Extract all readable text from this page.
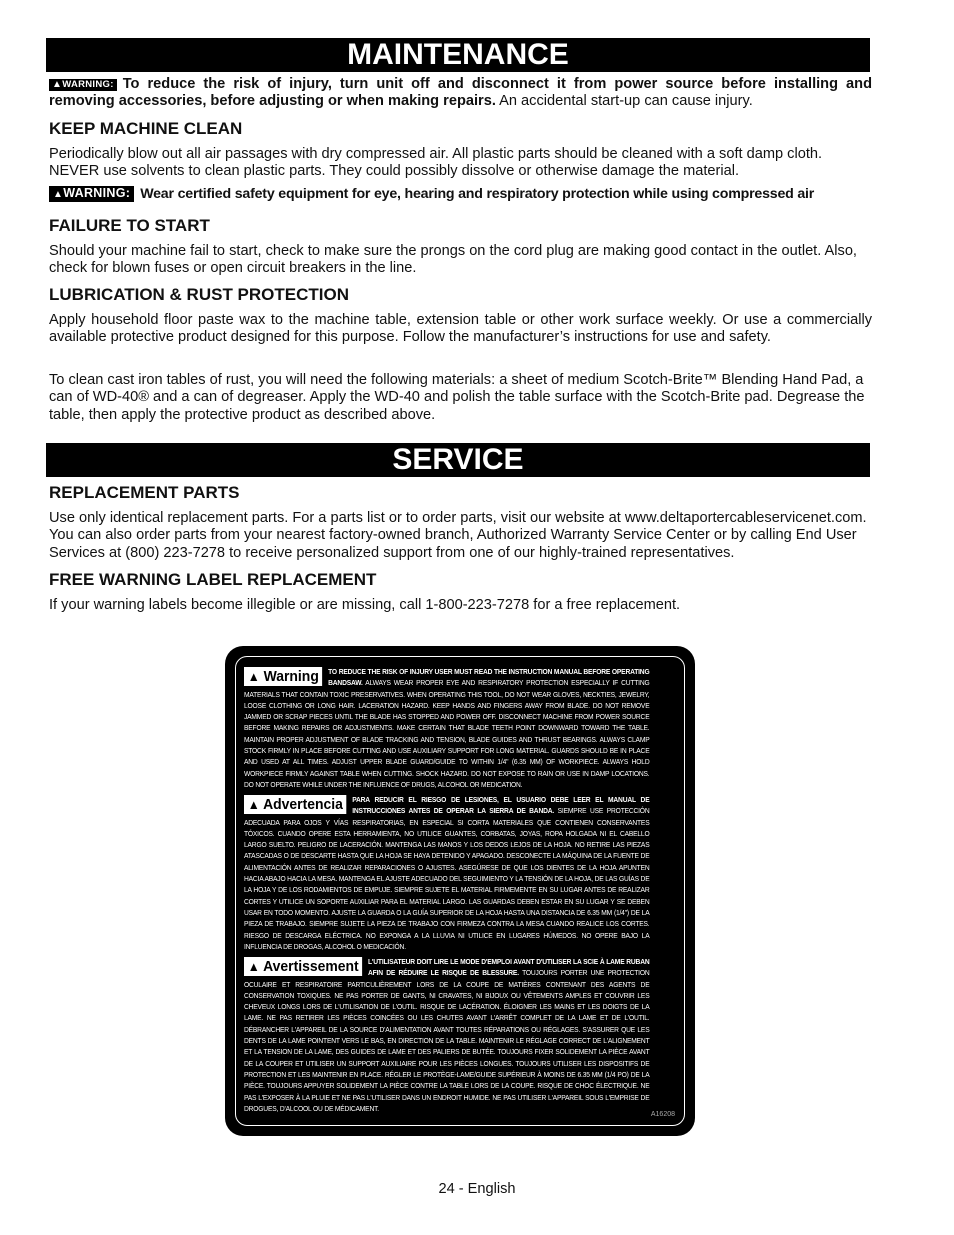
MAINTENANCE
▲WARNING: To reduce the risk of injury, turn unit off and disconnect it from power source before installing and removing accessories, before adjusting or when making repairs. An accidental start-up can cause injury.
KEEP MACHINE CLEAN
Periodically blow out all air passages with dry compressed air. All plastic parts should be cleaned with a soft damp cloth. NEVER use solvents to clean plastic parts. They could possibly dissolve or otherwise damage the material.
▲WARNING: Wear certified safety equipment for eye, hearing and respiratory protection while using compressed air
FAILURE TO START
Should your machine fail to start, check to make sure the prongs on the cord plug are making good contact in the outlet. Also, check for blown fuses or open circuit breakers in the line.
LUBRICATION & RUST PROTECTION
Apply household floor paste wax to the machine table, extension table or other work surface weekly. Or use a commercially available protective product designed for this purpose. Follow the manufacturer’s instructions for use and safety.
To clean cast iron tables of rust, you will need the following materials: a sheet of medium Scotch-Brite™ Blending Hand Pad, a can of WD-40® and a can of degreaser. Apply the WD-40 and polish the table surface with the Scotch-Brite pad. Degrease the table, then apply the protective product as described above.
SERVICE
REPLACEMENT PARTS
Use only identical replacement parts. For a parts list or to order parts, visit our website at www.deltaportercableservicenet.com. You can also order parts from your nearest factory-owned branch, Authorized Warranty Service Center or by calling End User Services at (800) 223-7278 to receive personalized support from one of our highly-trained representatives.
FREE WARNING LABEL REPLACEMENT
If your warning labels become illegible or are missing, call 1-800-223-7278 for a free replacement.
▲ Warning	TO REDUCE THE RISK OF INJURY USER MUST READ THE INSTRUCTION MANUAL BEFORE OPERATING BANDSAW. ALWAYS WEAR PROPER EYE AND RESPIRATORY PROTECTION ESPECIALLY IF CUTTING MATERIALS THAT CONTAIN TOXIC PRESERVATIVES. WHEN OPERATING THIS TOOL, DO NOT WEAR GLOVES, NECKTIES, JEWELRY, LOOSE CLOTHING OR LONG HAIR. LACERATION HAZARD. KEEP HANDS AND FINGERS AWAY FROM BLADE. DO NOT REMOVE JAMMED OR SCRAP PIECES UNTIL THE BLADE HAS STOPPED AND POWER OFF. DISCONNECT MACHINE FROM POWER SOURCE BEFORE MAKING REPAIRS OR ADJUSTMENTS. MAKE CERTAIN THAT BLADE TEETH POINT DOWNWARD TOWARD THE TABLE. MAINTAIN PROPER ADJUSTMENT OF BLADE TRACKING AND TENSION, BLADE GUIDES AND THRUST BEARINGS. ALWAYS CLAMP STOCK FIRMLY IN PLACE BEFORE CUTTING AND USE AUXILIARY SUPPORT FOR LONG MATERIAL. GUARDS SHOULD BE IN PLACE AND USED AT ALL TIMES. ADJUST UPPER BLADE GUARD/GUIDE TO WITHIN 1/4" (6.35 MM) OF WORKPIECE. ALWAYS HOLD WORKPIECE FIRMLY AGAINST TABLE WHEN CUTTING. SHOCK HAZARD. DO NOT EXPOSE TO RAIN OR USE IN DAMP LOCATIONS. DO NOT OPERATE WHILE UNDER THE INFLUENCE OF DRUGS, ALCOHOL OR MEDICATION.
▲ Advertencia	PARA REDUCIR EL RIESGO DE LESIONES, EL USUARIO DEBE LEER EL MANUAL DE INSTRUCCIONES ANTES DE OPERAR LA SIERRA DE BANDA. SIEMPRE USE PROTECCIÓN ADECUADA PARA OJOS Y VÍAS RESPIRATORIAS, EN ESPECIAL SI CORTA MATERIALES QUE CONTIENEN CONSERVANTES TÓXICOS. CUANDO OPERE ESTA HERRAMIENTA, NO UTILICE GUANTES, CORBATAS, JOYAS, ROPA HOLGADA NI EL CABELLO LARGO SUELTO. PELIGRO DE LACERACIÓN. MANTENGA LAS MANOS Y LOS DEDOS LEJOS DE LA HOJA. NO RETIRE LAS PIEZAS ATASCADAS O DE DESCARTE HASTA QUE LA HOJA SE HAYA DETENIDO Y APAGADO. DESCONECTE LA MÁQUINA DE LA FUENTE DE ALIMENTACIÓN ANTES DE REALIZAR REPARACIONES O AJUSTES. ASEGÚRESE DE QUE LOS DIENTES DE LA HOJA APUNTEN HACIA ABAJO HACIA LA MESA. MANTENGA EL AJUSTE ADECUADO DEL SEGUIMIENTO Y LA TENSIÓN DE LA HOJA, DE LAS GUÍAS DE LA HOJA Y DE LOS RODAMIENTOS DE EMPUJE. SIEMPRE SUJETE EL MATERIAL FIRMEMENTE EN SU LUGAR ANTES DE REALIZAR CORTES Y UTILICE UN SOPORTE AUXILIAR PARA EL MATERIAL LARGO. LAS GUARDAS DEBEN ESTAR EN SU LUGAR Y SE DEBEN USAR EN TODO MOMENTO. AJUSTE LA GUARDA O LA GUÍA SUPERIOR DE LA HOJA HASTA UNA DISTANCIA DE 6.35 MM (1/4") DE LA PIEZA DE TRABAJO. SIEMPRE SUJETE LA PIEZA DE TRABAJO CON FIRMEZA CONTRA LA MESA CUANDO REALICE LOS CORTES. RIESGO DE DESCARGA ELÉCTRICA. NO EXPONGA A LA LLUVIA NI UTILICE EN LUGARES HÚMEDOS. NO OPERE BAJO LA INFLUENCIA DE DROGAS, ALCOHOL O MEDICACIÓN.
▲ Avertissement	L'UTILISATEUR DOIT LIRE LE MODE D'EMPLOI AVANT D'UTILISER LA SCIE À LAME RUBAN AFIN DE RÉDUIRE LE RISQUE DE BLESSURE. TOUJOURS PORTER UNE PROTECTION OCULAIRE ET RESPIRATOIRE PARTICULIÈREMENT LORS DE LA COUPE DE MATIÈRES CONTENANT DES AGENTS DE CONSERVATION TOXIQUES. NE PAS PORTER DE GANTS, NI CRAVATES, NI BIJOUX OU VÊTEMENTS AMPLES ET COUVRIR LES CHEVEUX LONGS LORS DE L'UTILISATION DE L'OUTIL. RISQUE DE LACÉRATION. ÉLOIGNER LES MAINS ET LES DOIGTS DE LA LAME. NE PAS RETIRER LES PIÈCES COINCÉES OU LES CHUTES AVANT L'ARRÊT COMPLET DE LA LAME ET DE L'OUTIL. DÉBRANCHER L'APPAREIL DE LA SOURCE D'ALIMENTATION AVANT TOUTES RÉPARATIONS OU RÉGLAGES. S'ASSURER QUE LES DENTS DE LA LAME POINTENT VERS LE BAS, EN DIRECTION DE LA TABLE. MAINTENIR LE RÉGLAGE CORRECT DE L'ALIGNEMENT ET LA TENSION DE LA LAME, DES GUIDES DE LAME ET DES PALIERS DE BUTÉE. TOUJOURS FIXER SOLIDEMENT LA PIÈCE AVANT DE LA COUPER ET UTILISER UN SUPPORT AUXILIAIRE POUR LES PIÈCES LONGUES. TOUJOURS UTILISER LES DISPOSITIFS DE PROTECTION ET LES MAINTENIR EN PLACE. RÉGLER LE PROTÈGE-LAME/GUIDE SUPÉRIEUR À MOINS DE 6.35 MM (1/4 PO) DE LA PIÈCE. TOUJOURS APPUYER SOLIDEMENT LA PIÈCE CONTRE LA TABLE LORS DE LA COUPE. RISQUE DE CHOC ÉLECTRIQUE. NE PAS L'EXPOSER À LA PLUIE ET NE PAS L'UTILISER DANS UN ENDROIT HUMIDE. NE PAS UTILISER L'APPAREIL SOUS L'EMPRISE DE DROGUES, D'ALCOOL OU DE MÉDICAMENT.
A16208
24 - English
